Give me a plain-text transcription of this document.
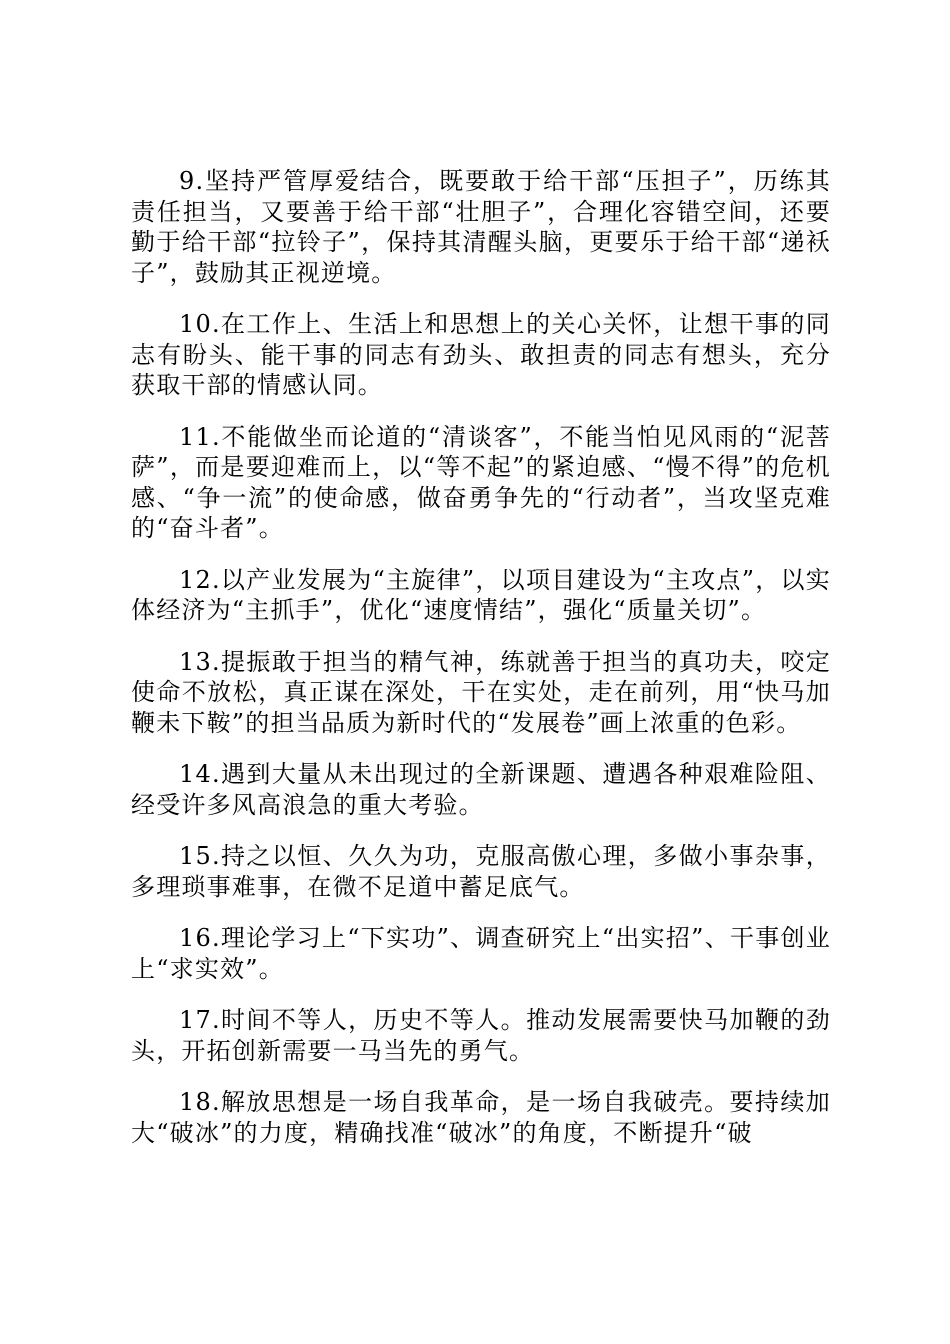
9.坚持严管厚爱结合，既要敢于给干部“压担子”，历练其责任担当，又要善于给干部“壮胆子”，合理化容错空间，还要勤于给干部“拉铃子”，保持其清醒头脑，更要乐于给干部“递袄子”，鼓励其正视逆境。

10.在工作上、生活上和思想上的关心关怀，让想干事的同志有盼头、能干事的同志有劲头、敢担责的同志有想头，充分获取干部的情感认同。

11.不能做坐而论道的“清谈客”，不能当怕见风雨的“泥菩萨”，而是要迎难而上，以“等不起”的紧迫感、“慢不得”的危机感、“争一流”的使命感，做奋勇争先的“行动者”，当攻坚克难的“奋斗者”。

12.以产业发展为“主旋律”，以项目建设为“主攻点”，以实体经济为“主抓手”，优化“速度情结”，强化“质量关切”。

13.提振敢于担当的精气神，练就善于担当的真功夫，咬定使命不放松，真正谋在深处，干在实处，走在前列，用“快马加鞭未下鞍”的担当品质为新时代的“发展卷”画上浓重的色彩。

14.遇到大量从未出现过的全新课题、遭遇各种艰难险阻、经受许多风高浪急的重大考验。

15.持之以恒、久久为功，克服高傲心理，多做小事杂事，多理琐事难事，在微不足道中蓄足底气。

16.理论学习上“下实功”、调查研究上“出实招”、干事创业上“求实效”。

17.时间不等人，历史不等人。推动发展需要快马加鞭的劲头，开拓创新需要一马当先的勇气。

18.解放思想是一场自我革命，是一场自我破壳。要持续加大“破冰”的力度，精确找准“破冰”的角度，不断提升“破
